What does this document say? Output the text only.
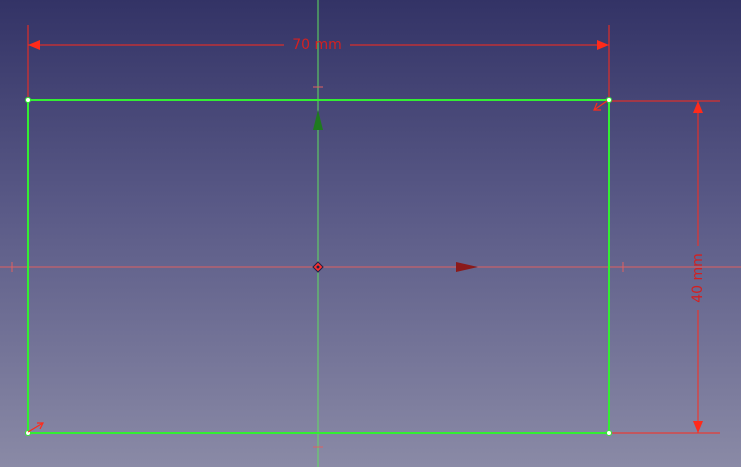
70 mm
40 mm
